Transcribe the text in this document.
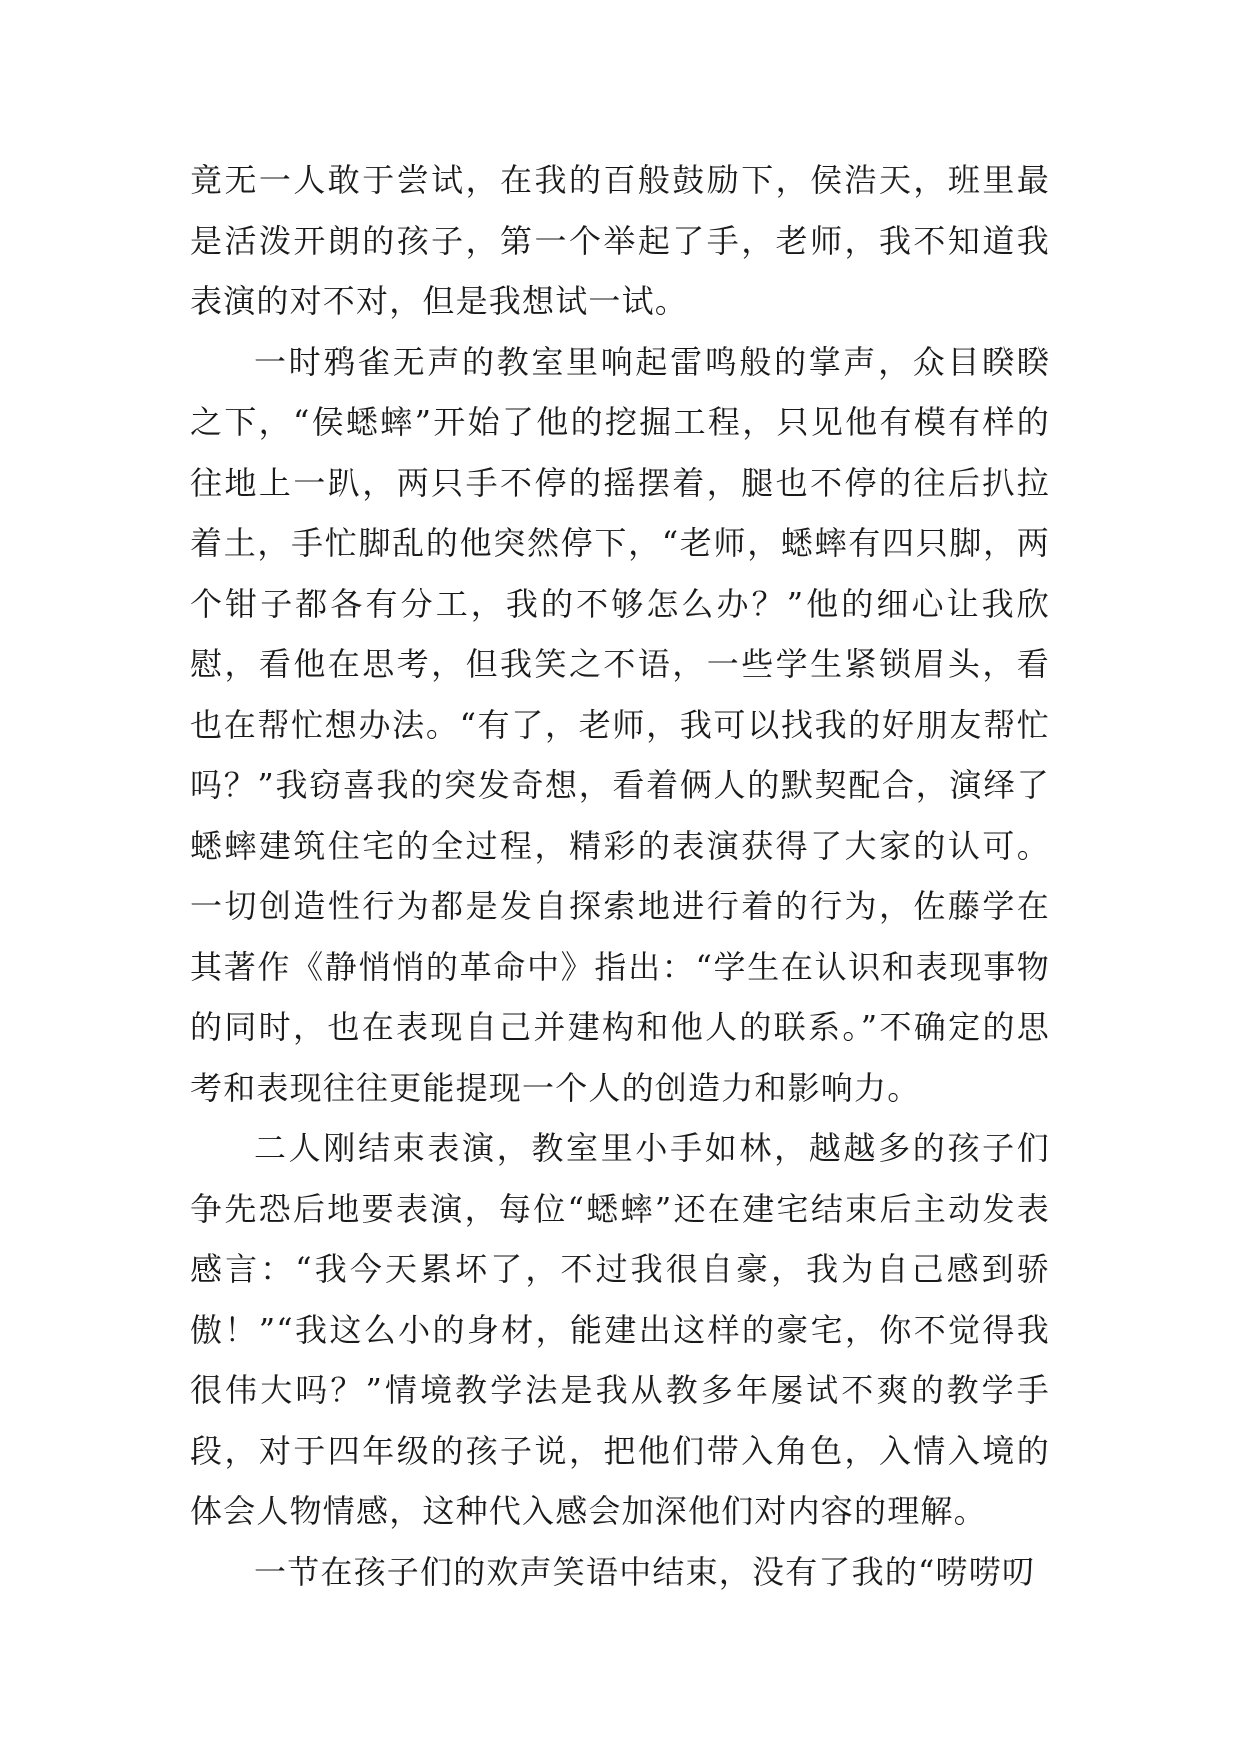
竟无一人敢于尝试，在我的百般鼓励下，侯浩天，班里最是活泼开朗的孩子，第一个举起了手，老师，我不知道我表演的对不对，但是我想试一试。

一时鸦雀无声的教室里响起雷鸣般的掌声，众目睽睽之下，“侯蟋蟀”开始了他的挖掘工程，只见他有模有样的往地上一趴，两只手不停的摇摆着，腿也不停的往后扒拉着土，手忙脚乱的他突然停下，“老师，蟋蟀有四只脚，两个钳子都各有分工，我的不够怎么办？”他的细心让我欣慰，看他在思考，但我笑之不语，一些学生紧锁眉头，看也在帮忙想办法。“有了，老师，我可以找我的好朋友帮忙吗？”我窃喜我的突发奇想，看着俩人的默契配合，演绎了蟋蟀建筑住宅的全过程，精彩的表演获得了大家的认可。一切创造性行为都是发自探索地进行着的行为，佐藤学在其著作《静悄悄的革命中》指出：“学生在认识和表现事物的同时，也在表现自己并建构和他人的联系。”不确定的思考和表现往往更能提现一个人的创造力和影响力。

二人刚结束表演，教室里小手如林，越越多的孩子们争先恐后地要表演，每位“蟋蟀”还在建宅结束后主动发表感言：“我今天累坏了，不过我很自豪，我为自己感到骄傲！”“我这么小的身材，能建出这样的豪宅，你不觉得我很伟大吗？”情境教学法是我从教多年屡试不爽的教学手段，对于四年级的孩子说，把他们带入角色，入情入境的体会人物情感，这种代入感会加深他们对内容的理解。

一节在孩子们的欢声笑语中结束，没有了我的“唠唠叨
